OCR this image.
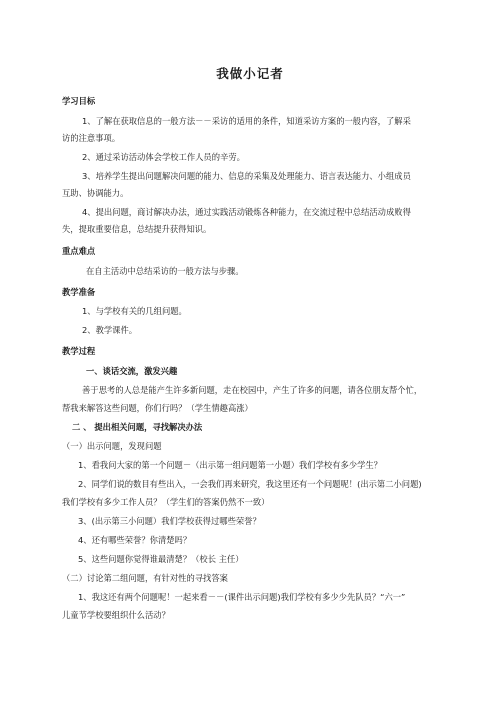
我做小记者
学习目标
1、了解在获取信息的一般方法－－采访的适用的条件，知道采访方案的一般内容，了解采
访的注意事项。
2、通过采访活动体会学校工作人员的辛劳。
3、培养学生提出问题解决问题的能力、信息的采集及处理能力、语言表达能力、小组成员
互助、协调能力。
4、提出问题，商讨解决办法，通过实践活动锻炼各种能力，在交流过程中总结活动成败得
失，提取重要信息，总结提升获得知识。
重点难点
在自主活动中总结采访的一般方法与步骤。
教学准备
1、与学校有关的几组问题。
2、教学课件。
教学过程
一、谈话交流，激发兴趣
善于思考的人总是能产生许多新问题，走在校园中，产生了许多的问题，请各位朋友帮个忙，
帮我来解答这些问题，你们行吗？（学生情趣高涨）
二 、 提出相关问题，寻找解决办法
（一）出示问题，发现问题
1、看我问大家的第一个问题－（出示第一组问题第一小题）我们学校有多少学生？
2、同学们说的数目有些出入，一会我们再来研究，我这里还有一个问题呢！(出示第二小问题)
我们学校有多少工作人员？（学生们的答案仍然不一致）
3、(出示第三小问题）我们学校获得过哪些荣誉？
4、还有哪些荣誉？你清楚吗？
5、这些问题你觉得谁最清楚？（校长 主任）
（二）讨论第二组问题，有针对性的寻找答案
1、我这还有两个问题呢！一起来看－－(课件出示问题)我们学校有多少少先队员？“六一”
儿童节学校要组织什么活动？
